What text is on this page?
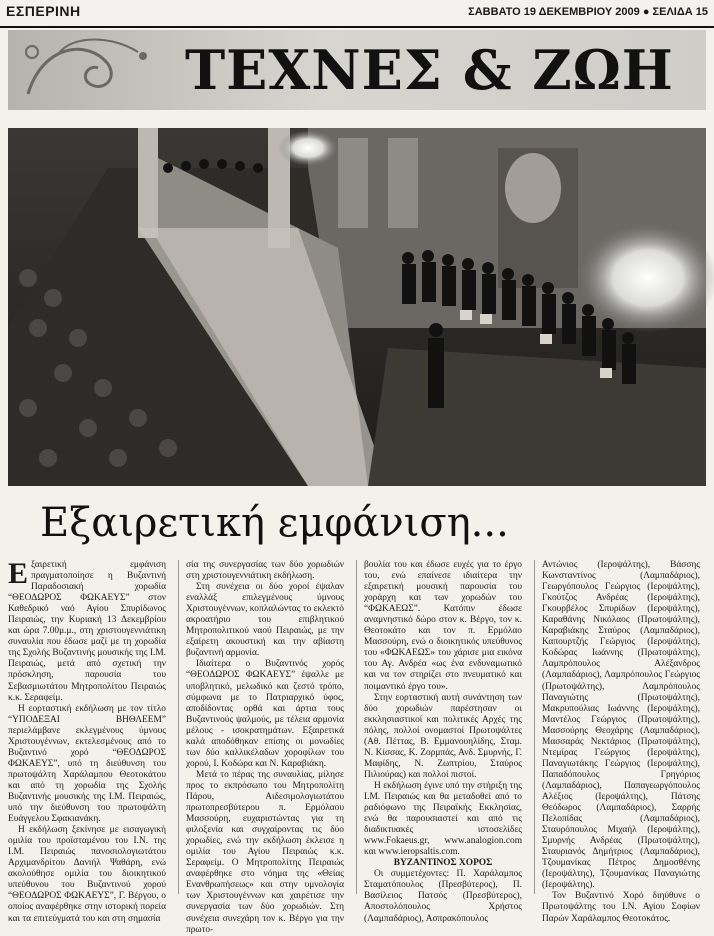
ΕΣΠΕΡΙΝΗ	ΣΑΒΒΑΤΟ 19 ΔΕΚΕΜΒΡΙΟΥ 2009 ● ΣΕΛΙΔΑ 15
ΤΕΧΝΕΣ & ΖΩΗ
Εξαιρετική εμφάνιση...

Εξαιρετική εμφάνιση πραγματοποίησε η Βυζαντινή Παραδοσιακή χορωδία “ΘΕΟΔΩΡΟΣ ΦΩΚΑΕΥΣ” στον Καθεδρικό ναό Αγίου Σπυρίδωνος Πειραιώς, την Κυριακή 13 Δεκεμβρίου και ώρα 7.00μ.μ., στη χριστουγεννιάτικη συναυλία που έδωσε μαζί με τη χορωδία της Σχολής Βυζαντινής μουσικής της Ι.Μ. Πειραιώς, μετά από σχετική την πρόσκληση, παρουσία του Σεβασμιωτάτου Μητροπολίτου Πειραιώς κ.κ. Σεραφείμ.

Η εορταστική εκδήλωση με τον τίτλο “ΥΠΟΔΕΞΑΙ ΒΗΘΛΕΕΜ” περιελάμβανε εκλεγμένους ύμνους Χριστουγέννων, εκτελεσμένους από το Βυζαντινό χορό “ΘΕΟΔΩΡΟΣ ΦΩΚΑΕΥΣ”, υπό τη διεύθυνση του πρωτοψάλτη Χαράλαμπου Θεοτοκάτου και από τη χορωδία της Σχολής Βυζαντινής μουσικής της Ι.Μ. Πειραιώς, υπό την διεύθυνση του πρωτοψάλτη Ευάγγελου Σφακιανάκη.

Η εκδήλωση ξεκίνησε με εισαγωγική ομιλία του προϊσταμένου του Ι.Ν. της Ι.Μ. Πειραιώς πανοσιολογιωτάτου Αρχιμανδρίτου Δανιήλ Ψαθάρη, ενώ ακολούθησε ομιλία του διοικητικού υπεύθυνου του Βυζαντινού χορού “ΘΕΟΔΩΡΟΣ ΦΩΚΑΕΥΣ”, Γ. Βέργου, ο οποίος αναφέρθηκε στην ιστορική πορεία και τα επιτεύγματά του και στη σημασία

σία της συνεργασίας των δύο χορωδιών στη χριστουγεννιάτικη εκδήλωση.

Στη συνέχεια οι δύο χοροί έψαλαν εναλλάξ επιλεγμένους ύμνους Χριστουγέννων, κοπλαλώντας το εκλεκτό ακροατήριο του επιβλητικού Μητροπολιτικού ναού Πειραιώς, με την εξαίρετη ακουστική και την αβίαστη βυζαντινή αρμονία.

Ιδιαίτερα ο Βυζαντινός χορός “ΘΕΟΔΩΡΟΣ ΦΩΚΑΕΥΣ” έψαλλε με υποβλητικό, μελωδικό και ζεστό τρόπο, σύμφωνα με το Πατριαρχικό ύφος, αποδίδοντας ορθά και άρτια τους Βυζαντινούς ψαλμούς, με τέλεια αρμονία μέλους - ισοκρατημάτων. Εξαιρετικά καλά αποδόθηκαν επίσης οι μονωδίες των δύο καλλικέλαδων χοροφίλων του χορού, Ι. Κοδώρα και Ν. Καραβιάκη.

Μετά το πέρας της συναυλίας, μίλησε προς το εκπρόσωπο του Μητροπολίτη Πάρου, Αιδεσιμολογιωτάτου πρωτοπρεσβύτερου π. Ερμόλαου Μασσούρη, ευχαριστώντας για τη φιλοξενία και συγχαίροντας τις δύο χορωδίες, ενώ την εκδήλωση έκλεισε η ομιλία του Αγίου Πειραιώς κ.κ. Σεραφείμ. Ο Μητροπολίτης Πειραιώς αναφέρθηκε στο νόημα της «Θείας Ενανθρωπήσεως» και στην υμνολογία των Χριστουγέννων και χαιρέτισε την συνεργασία των δύο χορωδιών. Στη συνέχεια συνεχάρη τον κ. Βέργο για την πρωτο-

βουλία του και έδωσε ευχές για το έργο του, ενώ επαίνεσε ιδιαίτερα την εξαιρετική μουσική παρουσία του χοράρχη και των χορωδών του “ΦΩΚΑΕΩΣ”. Κατόπιν έδωσε αναμνηστικό δώρο στον κ. Βέργο, τον κ. Θεοτοκάτο και τον π. Ερμόλαο Μασσούρη, ενώ ο διοικητικός υπεύθυνος του «ΦΩΚΑΕΩΣ» του χάρισε μια εικόνα του Αγ. Ανδρέα «ως ένα ενδυναμωτικό και να τον στηρίζει στο πνευματικό και ποιμαντικό έργο του».

Στην εορταστική αυτή συνάντηση των δύο χορωδιών παρέστησαν οι εκκλησιαστικοί και πολιτικές Αρχές της πόλης, πολλοί ονομαστοί Πρωτοψάλτες (Αθ. Πέττας, Β. Εμμανουηλίδης, Σταμ. Ν. Κίσσας, Κ. Ζορμπάς, Ανδ. Σμυρνής, Γ. Μαφίδης, Ν. Ζωπτρίου, Σταύρος Πιλιούρας) και πολλοί πιστοί.

Η εκδήλωση έγινε υπό την στήριξη της Ι.Μ. Πειραιώς και θα μεταδοθεί από το ραδιόφωνο της Πειραϊκής Εκκλησίας, ενώ θα παρουσιαστεί και από τις διαδικτυακές ιστοσελίδες www.Fokaeus.gr, www.analogion.com και www.ieropsaltis.com.

ΒΥΖΑΝΤΙΝΟΣ ΧΟΡΟΣ

Οι συμμετέχοντες: Π. Χαράλαμπος Σταματόπουλος (Πρεσβύτερος), Π. Βασίλειος Πατσός (Πρεσβύτερος), Αποστολόπουλος Χρήστος (Λαμπαδάριος), Ασπρακόπουλος

Αντώνιος (Ιεροψάλτης), Βάσσης Κωνσταντίνος (Λαμπαδάριος), Γεωργόπουλος Γεώργιος (Ιεροψάλτης), Γκούτζος Ανδρέας (Ιεροψάλτης), Γκουρβέλος Σπυρίδων (Ιεροψάλτης), Καραθάνης Νικόλαος (Πρωτοψάλτης), Καραβιάκης Σταύρος (Λαμπαδάριος), Καπουρτζής Γεώργιος (Ιεροψάλτης), Κοδώρας Ιωάννης (Πρωτοψάλτης), Λαμπρόπουλος Αλέξανδρος (Λαμπαδάριος), Λαμπρόπουλος Γεώργιος (Πρωτοψάλτης), Λαμπρόπουλος Παναγιώτης (Πρωτοψάλτης), Μακρυπούλιας Ιωάννης (Ιεροψάλτης), Μαντέλος Γεώργιος (Πρωτοψάλτης), Μασσούρης Θεοχάρης (Λαμπαδάριος), Μασσαράς Νεκτάριος (Πρωτοψάλτης), Ντεμίρας Γεώργιος (Ιεροψάλτης), Παναγιωτάκης Γεώργιος (Ιεροψάλτης), Παπαδόπουλος Γρηγόριος (Λαμπαδάριος), Παπαγεωργόπουλος Αλέξιος (Ιεροψάλτης), Πάτσης Θεόδωρος (Λαμπαδάριος), Σαρρής Πελοπίδας (Λαμπαδάριος), Σταυρόπουλος Μιχαήλ (Ιεροψάλτης), Σμυρνής Ανδρέας (Πρωτοψάλτης), Σταυριανός Δημήτριος (Λαμπαδάριος), Τζουμανίκας Πέτρος Δημοσθένης (Ιεροψάλτης), Τζουμανίκας Παναγιώτης (Ιεροψάλτης).

Τον Βυζαντινό Χορό διηύθυνε ο Πρωτοψάλτης του Ι.Ν. Αγίου Σοφίων Παρών Χαράλαμπος Θεοτοκάτος.
